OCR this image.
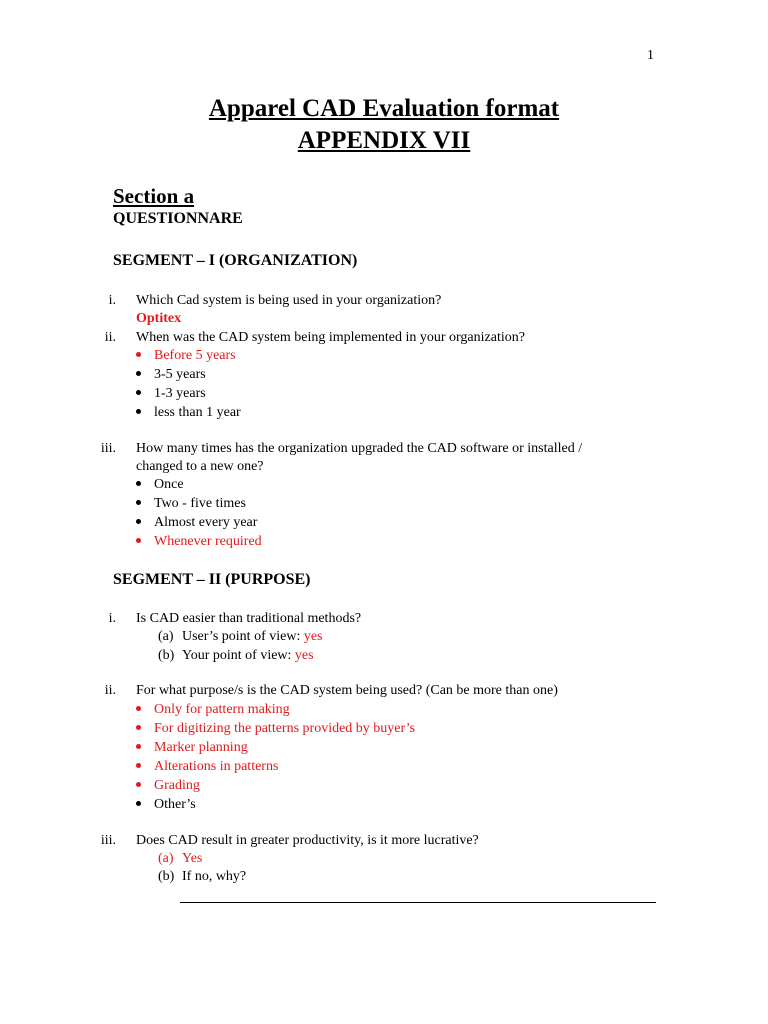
1
Apparel CAD Evaluation format
APPENDIX VII
Section a
QUESTIONNARE
SEGMENT – I (ORGANIZATION)
i. Which Cad system is being used in your organization?
Optitex
ii. When was the CAD system being implemented in your organization?
Before 5 years
3-5 years
1-3 years
less than 1 year
iii. How many times has the organization upgraded the CAD software or installed /
changed to a new one?
Once
Two - five times
Almost every year
Whenever required
SEGMENT – II (PURPOSE)
i. Is CAD easier than traditional methods?
(a) User’s point of view: yes
(b) Your point of view: yes
ii. For what purpose/s is the CAD system being used? (Can be more than one)
Only for pattern making
For digitizing the patterns provided by buyer’s
Marker planning
Alterations in patterns
Grading
Other’s
iii. Does CAD result in greater productivity, is it more lucrative?
(a) Yes
(b) If no, why?
